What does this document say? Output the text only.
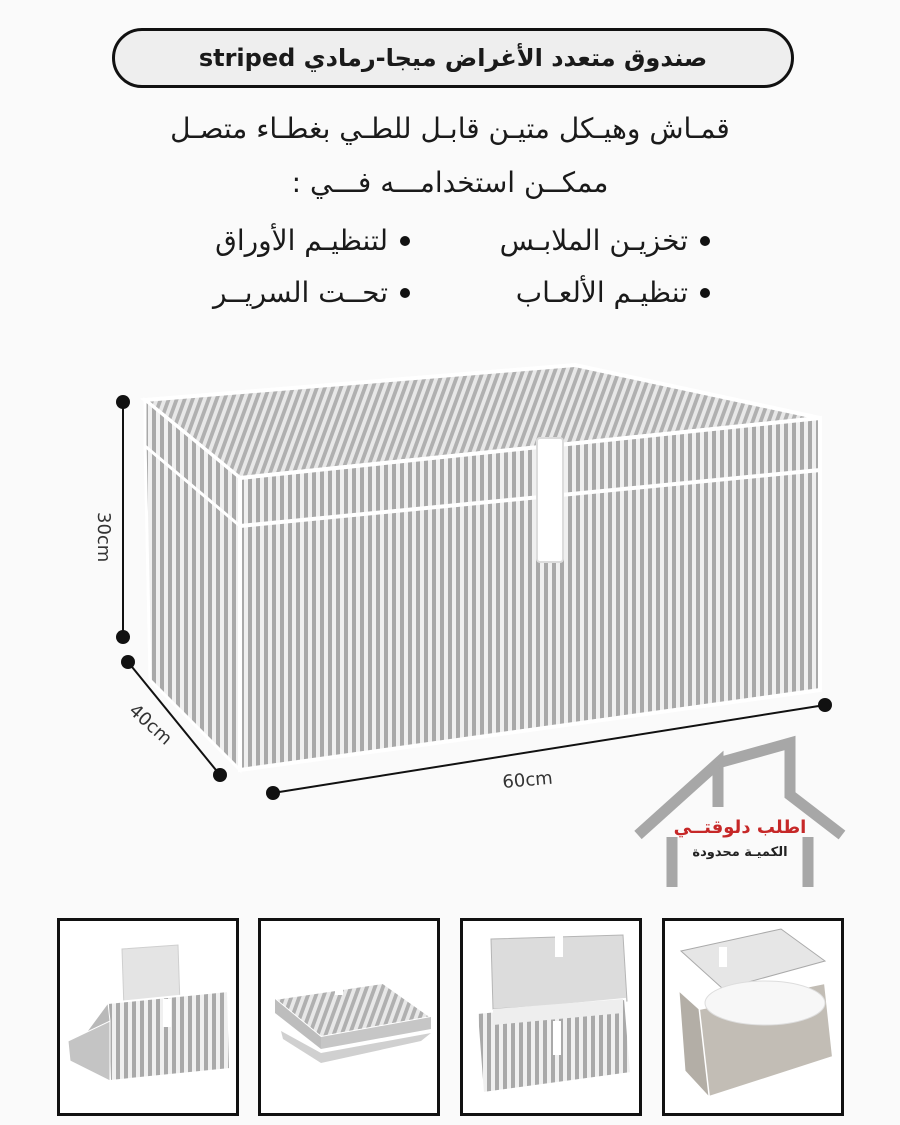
صندوق متعدد الأغراض ميجا-رمادي striped
قمـاش وهيـكل متيـن قابـل للطـي بغطـاء متصـل
ممكــن استخدامـــه فـــي :
تخزيـن الملابـس
لتنظيـم الأوراق
تنظيـم الألعـاب
تحــت السريــر
30cm
40cm
60cm
اطلب دلوقتــي
الكميـة محدودة
